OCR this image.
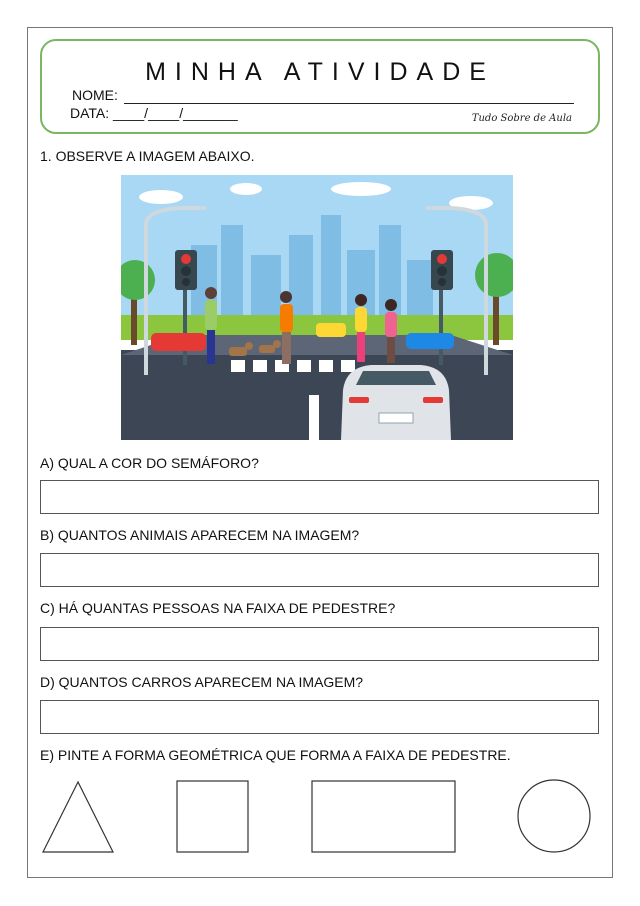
MINHA ATIVIDADE
NOME:
DATA: ____/____/_______	Tudo Sobre de Aula
1. OBSERVE A IMAGEM ABAIXO.
A) QUAL A COR DO SEMÁFORO?
B) QUANTOS ANIMAIS APARECEM NA IMAGEM?
C) HÁ QUANTAS PESSOAS NA FAIXA DE PEDESTRE?
D) QUANTOS CARROS APARECEM NA IMAGEM?
E) PINTE A FORMA GEOMÉTRICA QUE FORMA A FAIXA DE PEDESTRE.
